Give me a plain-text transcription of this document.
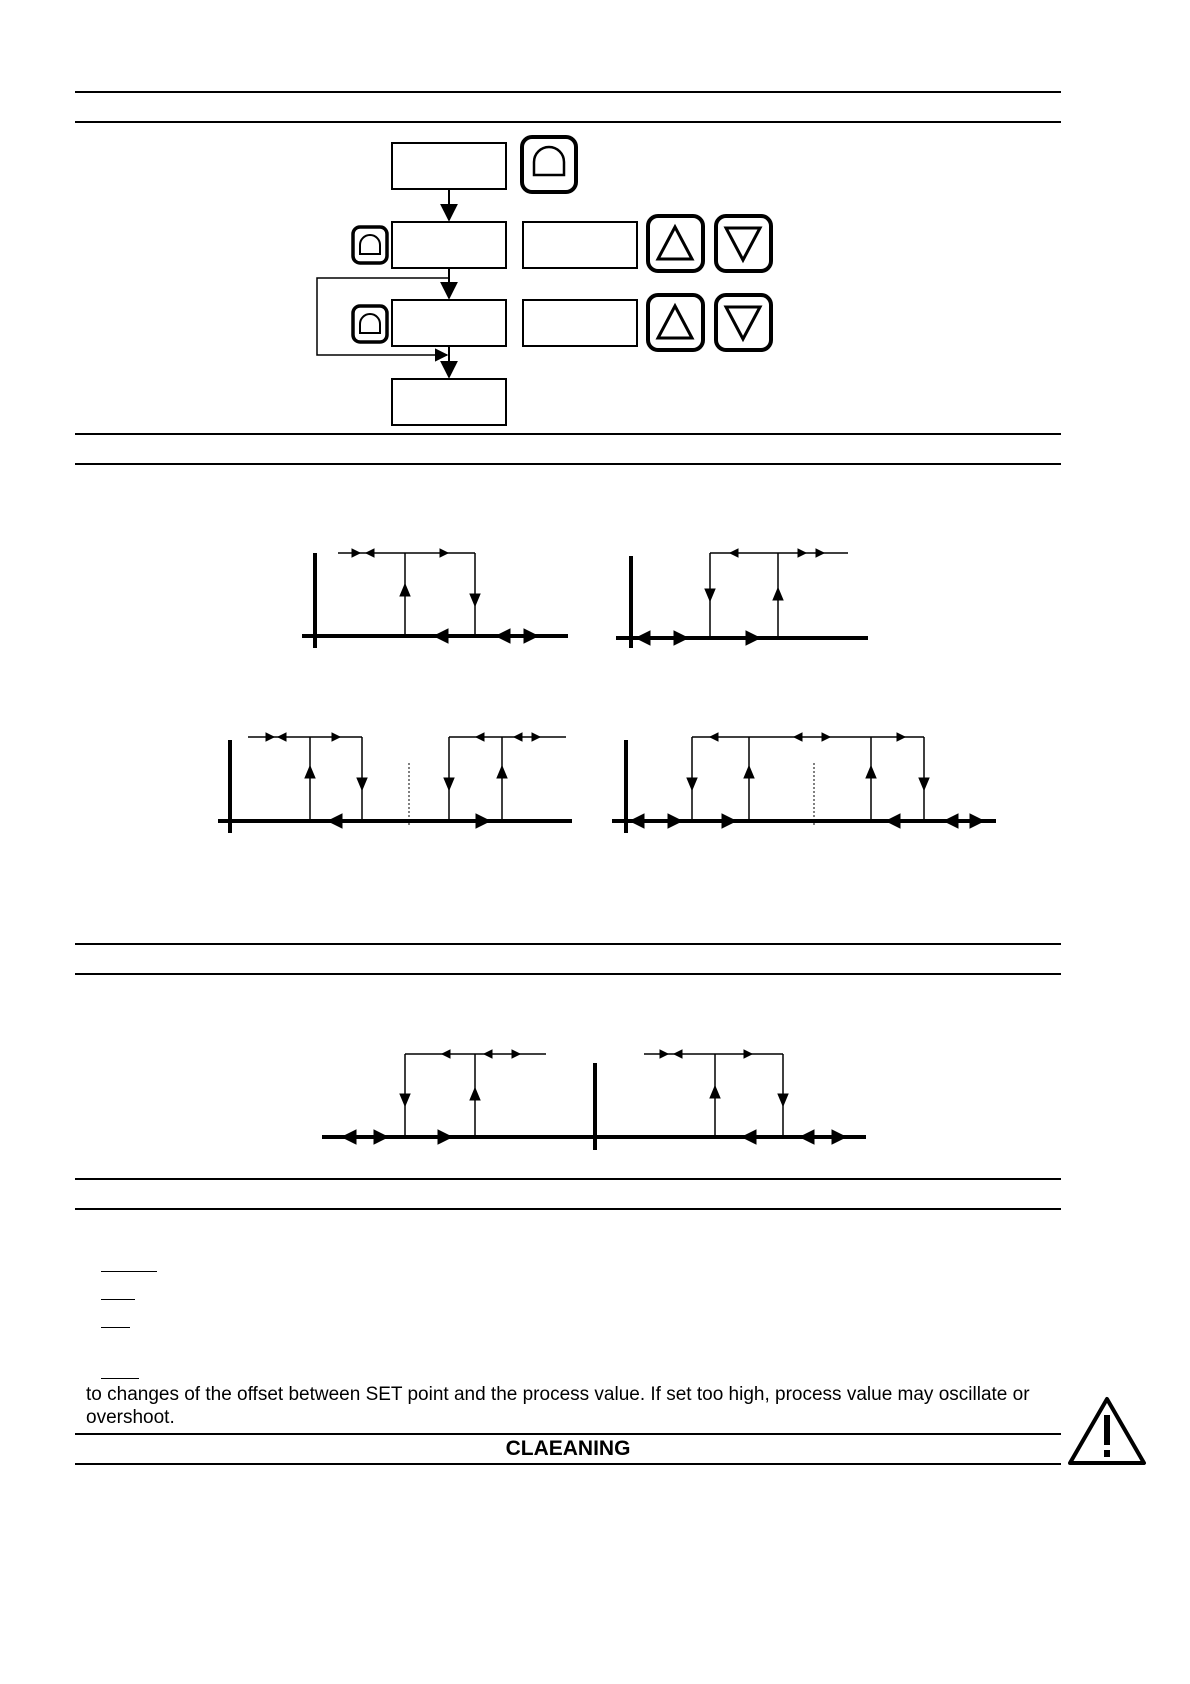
to changes of the offset between SET point and the process value. If set too high, process value may oscillate or overshoot.

CLAEANING
